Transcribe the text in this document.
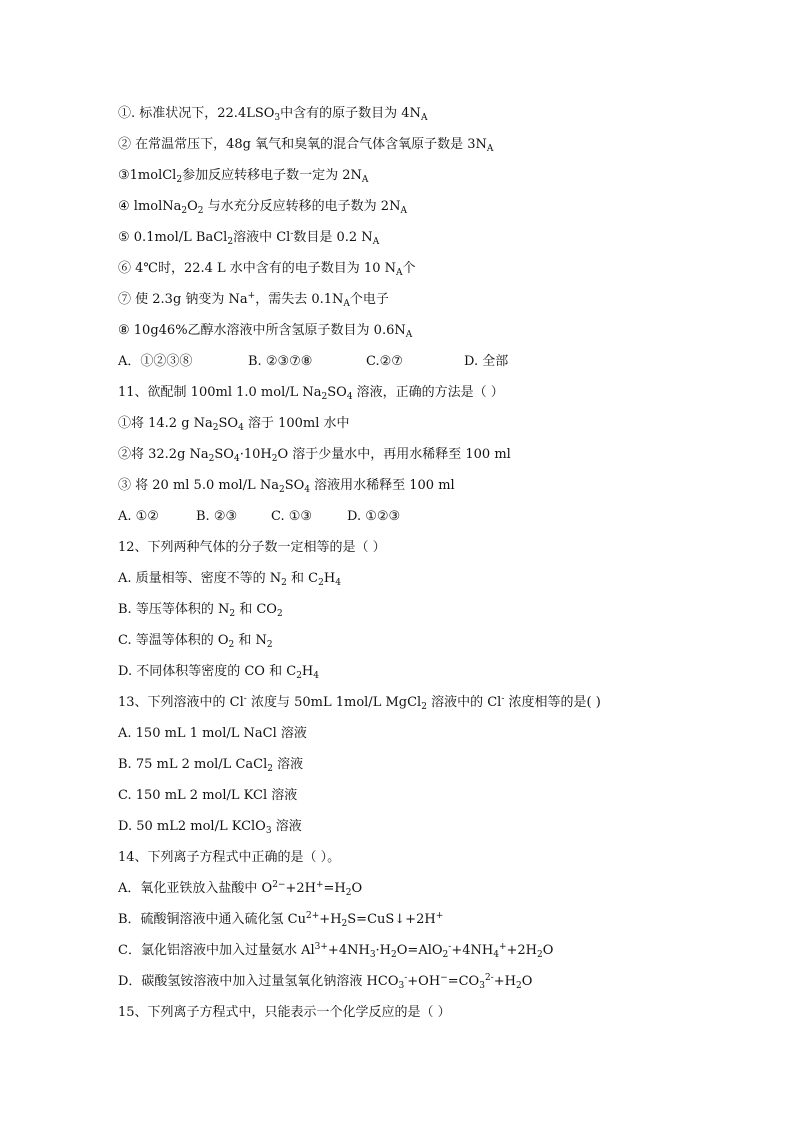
①. 标准状况下，$22.4LSO_3$中含有的原子数目为 $4N_A$
② 在常温常压下，48g 氧气和臭氧的混合气体含氧原子数是 $3N_A$
③1molCl$_2$参加反应转移电子数一定为 $2N_A$
④ $lmolNa_2O_2$ 与水充分反应转移的电子数为 $2N_A$
⑤ 0.1mol/L BaCl$_2$溶液中 Cl-数目是 0.2 $N_A$
⑥ 4℃时，22.4 L 水中含有的电子数目为 10 $N_A$个
⑦ 使 2.3g 钠变为 Na+，需失去 $0.1N_A$个电子
⑧ 10g46%乙醇水溶液中所含氢原子数目为 $0.6N_A$
A．①②③⑧	B. ②③⑦⑧	C.②⑦	D. 全部
11、欲配制 100ml 1.0 mol/L $Na_2SO_4$ 溶液，正确的方法是（ ）
①将 14.2 g $Na_2SO_4$ 溶于 100ml 水中
②将 32.2g $Na_2SO_4\cdot 10H_2O$ 溶于少量水中，再用水稀释至 100 ml
③ 将 20 ml 5.0 mol/L $Na_2SO_4$ 溶液用水稀释至 100 ml
A. ①②	B. ②③	C. ①③	D. ①②③
12、下列两种气体的分子数一定相等的是（ ）
A. 质量相等、密度不等的 $N_2$ 和 $C_2H_4$
B. 等压等体积的 $N_2$ 和 $CO_2$
C. 等温等体积的 $O_2$ 和 $N_2$
D. 不同体积等密度的 CO 和 $C_2H_4$
13、下列溶液中的 Cl- 浓度与 50mL 1mol/L MgCl$_2$ 溶液中的 Cl- 浓度相等的是( )
A. 150 mL 1 mol/L NaCl 溶液
B. 75 mL 2 mol/L CaCl$_2$ 溶液
C. 150 mL 2 mol/L KCl 溶液
D. 50 mL2 mol/L KClO$_3$ 溶液
14、下列离子方程式中正确的是（ ）。
A．氧化亚铁放入盐酸中 $O^{2-}+2H^+=H_2O$
B．硫酸铜溶液中通入硫化氢 $Cu^{2+}+H_2S=CuS↓+2H^+$
C．氯化铝溶液中加入过量氨水 $Al^{3+}+4NH_3\cdot H_2O=AlO_2^-+4NH_4^++2H_2O$
D．碳酸氢铵溶液中加入过量氢氧化钠溶液 $HCO_3^-+OH^-=CO_3^{2-}+H_2O$
15、下列离子方程式中，只能表示一个化学反应的是（ ）
